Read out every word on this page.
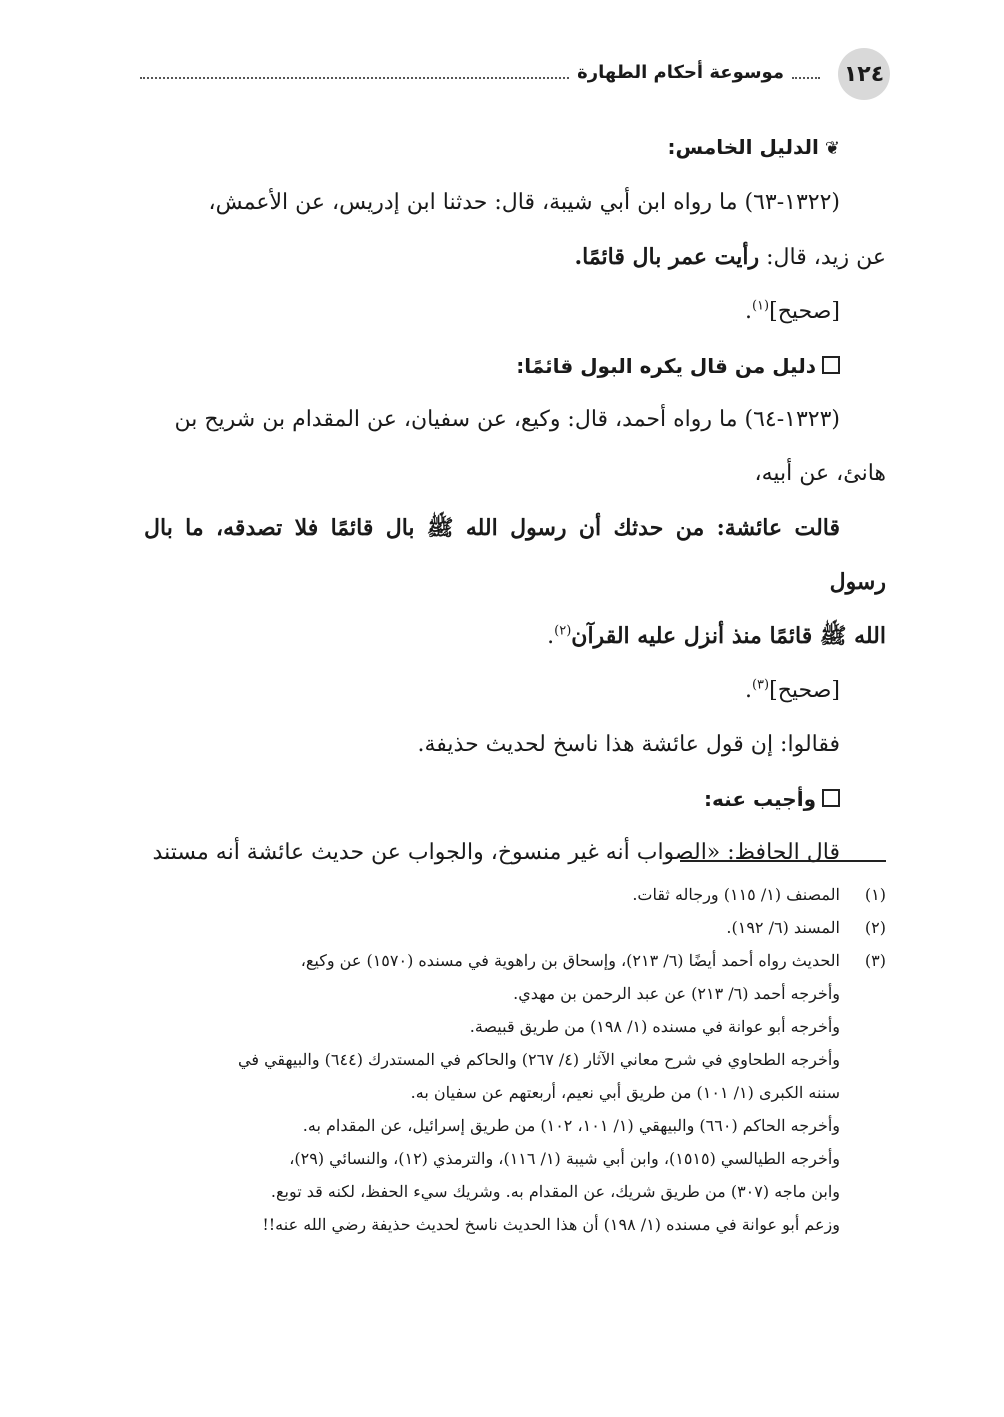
١٢٤
موسوعة أحكام الطهارة
❦الدليل الخامس:
(١٣٢٢-٦٣) ما رواه ابن أبي شيبة، قال: حدثنا ابن إدريس، عن الأعمش،
عن زيد، قال: رأيت عمر بال قائمًا.
[صحيح]$^{(١)}$.
دليل من قال يكره البول قائمًا:
(١٣٢٣-٦٤) ما رواه أحمد، قال: وكيع، عن سفيان، عن المقدام بن شريح بن
هانئ، عن أبيه،
قالت عائشة: من حدثك أن رسول الله ﷺ بال قائمًا فلا تصدقه، ما بال رسول
الله ﷺ قائمًا منذ أنزل عليه القرآن$^{(٢)}$.
[صحيح]$^{(٣)}$.
فقالوا: إن قول عائشة هذا ناسخ لحديث حذيفة.
وأجيب عنه:
قال الحافظ: «الصواب أنه غير منسوخ، والجواب عن حديث عائشة أنه مستند
(١)
المصنف (١/ ١١٥) ورجاله ثقات.
(٢)
المسند (٦/ ١٩٢).
(٣)
الحديث رواه أحمد أيضًا (٦/ ٢١٣)، وإسحاق بن راهوية في مسنده (١٥٧٠) عن وكيع،
وأخرجه أحمد (٦/ ٢١٣) عن عبد الرحمن بن مهدي.
وأخرجه أبو عوانة في مسنده (١/ ١٩٨) من طريق قبيصة.
وأخرجه الطحاوي في شرح معاني الآثار (٤/ ٢٦٧) والحاكم في المستدرك (٦٤٤) والبيهقي في
سننه الكبرى (١/ ١٠١) من طريق أبي نعيم، أربعتهم عن سفيان به.
وأخرجه الحاكم (٦٦٠) والبيهقي (١/ ١٠١، ١٠٢) من طريق إسرائيل، عن المقدام به.
وأخرجه الطيالسي (١٥١٥)، وابن أبي شيبة (١/ ١١٦)، والترمذي (١٢)، والنسائي (٢٩)،
وابن ماجه (٣٠٧) من طريق شريك، عن المقدام به. وشريك سيء الحفظ، لكنه قد توبع.
وزعم أبو عوانة في مسنده (١/ ١٩٨) أن هذا الحديث ناسخ لحديث حذيفة رضي الله عنه!!
